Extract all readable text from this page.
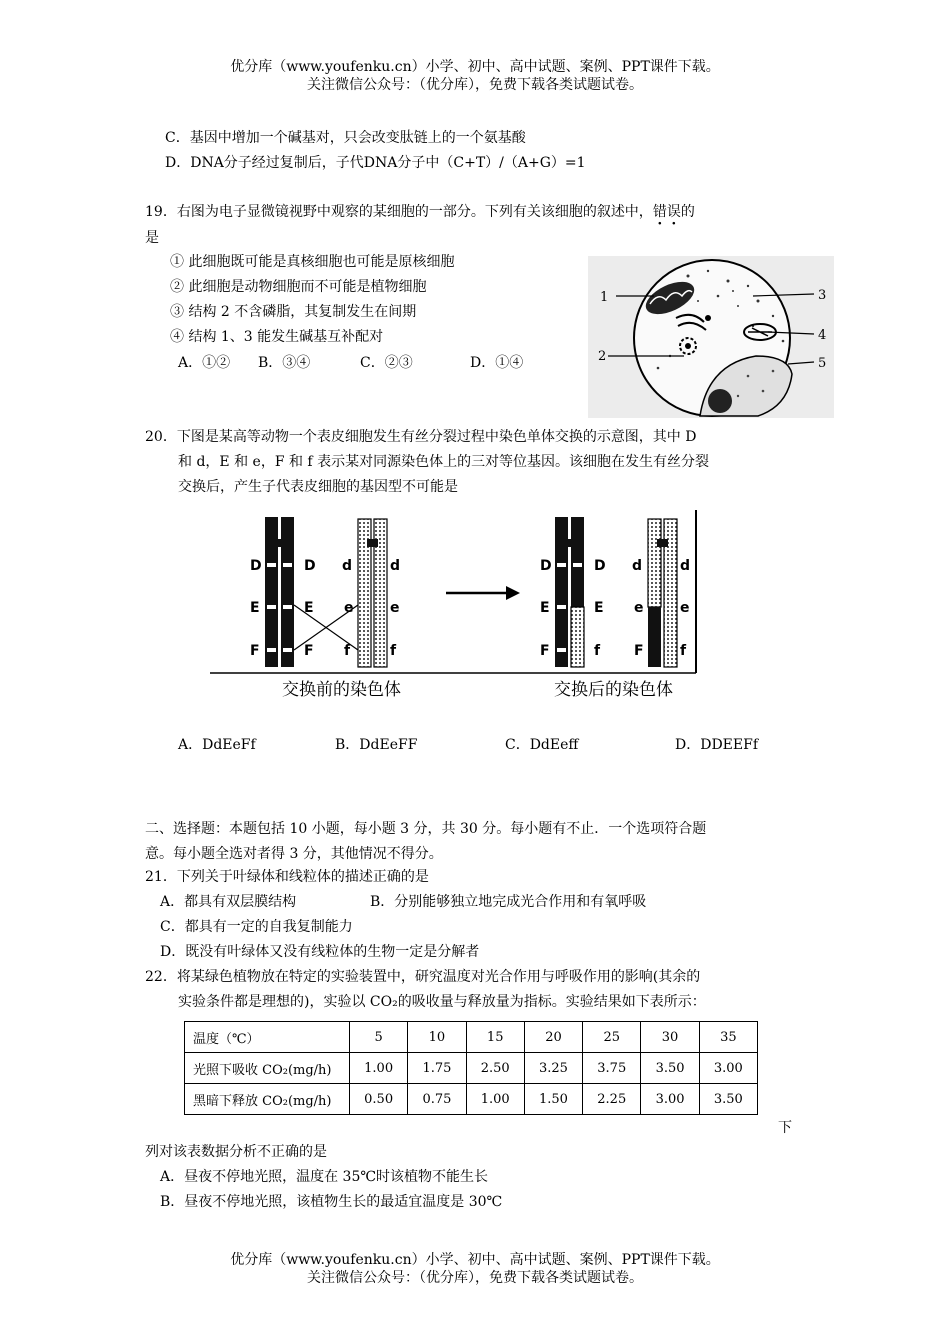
优分库（www.youfenku.cn）小学、初中、高中试题、案例、PPT课件下载。
关注微信公众号：（优分库），免费下载各类试题试卷。
C．基因中增加一个碱基对，只会改变肽链上的一个氨基酸
D．DNA分子经过复制后，子代DNA分子中（C+T）/（A+G）=1
19．右图为电子显微镜视野中观察的某细胞的一部分。下列有关该细胞的叙述中，错误的
是
① 此细胞既可能是真核细胞也可能是原核细胞
② 此细胞是动物细胞而不可能是植物细胞
③ 结构 2 不含磷脂，其复制发生在间期
④ 结构 1、3 能发生碱基互补配对
A．①② B．③④	C．②③	D．①④
1
2
3
4
5
20．下图是某高等动物一个表皮细胞发生有丝分裂过程中染色单体交换的示意图，其中 D
和 d，E 和 e，F 和 f 表示某对同源染色体上的三对等位基因。该细胞在发生有丝分裂
交换后，产生子代表皮细胞的基因型不可能是
D	D
E	E
F	F
d	d
e	e
f	f
D	D
E	E
F	f
d	d
e	e
F	f
交换前的染色体	交换后的染色体
A．DdEeFf	B．DdEeFF	C．DdEeff	D．DDEEFf
二、选择题：本题包括 10 小题，每小题 3 分，共 30 分。每小题有不止．一个选项符合题
意。每小题全选对者得 3 分，其他情况不得分。
21．下列关于叶绿体和线粒体的描述正确的是
A．都具有双层膜结构	B．分别能够独立地完成光合作用和有氧呼吸
C．都具有一定的自我复制能力
D．既没有叶绿体又没有线粒体的生物一定是分解者
22．将某绿色植物放在特定的实验装置中，研究温度对光合作用与呼吸作用的影响(其余的
实验条件都是理想的)，实验以 CO₂的吸收量与释放量为指标。实验结果如下表所示：
温度（℃）	5	10	15	20	25	30	35
光照下吸收 CO₂(mg/h)	1.00	1.75	2.50	3.25	3.75	3.50	3.00
黑暗下释放 CO₂(mg/h)	0.50	0.75	1.00	1.50	2.25	3.00	3.50
下
列对该表数据分析不正确的是
A．昼夜不停地光照，温度在 35℃时该植物不能生长
B．昼夜不停地光照，该植物生长的最适宜温度是 30℃
优分库（www.youfenku.cn）小学、初中、高中试题、案例、PPT课件下载。
关注微信公众号：（优分库），免费下载各类试题试卷。
